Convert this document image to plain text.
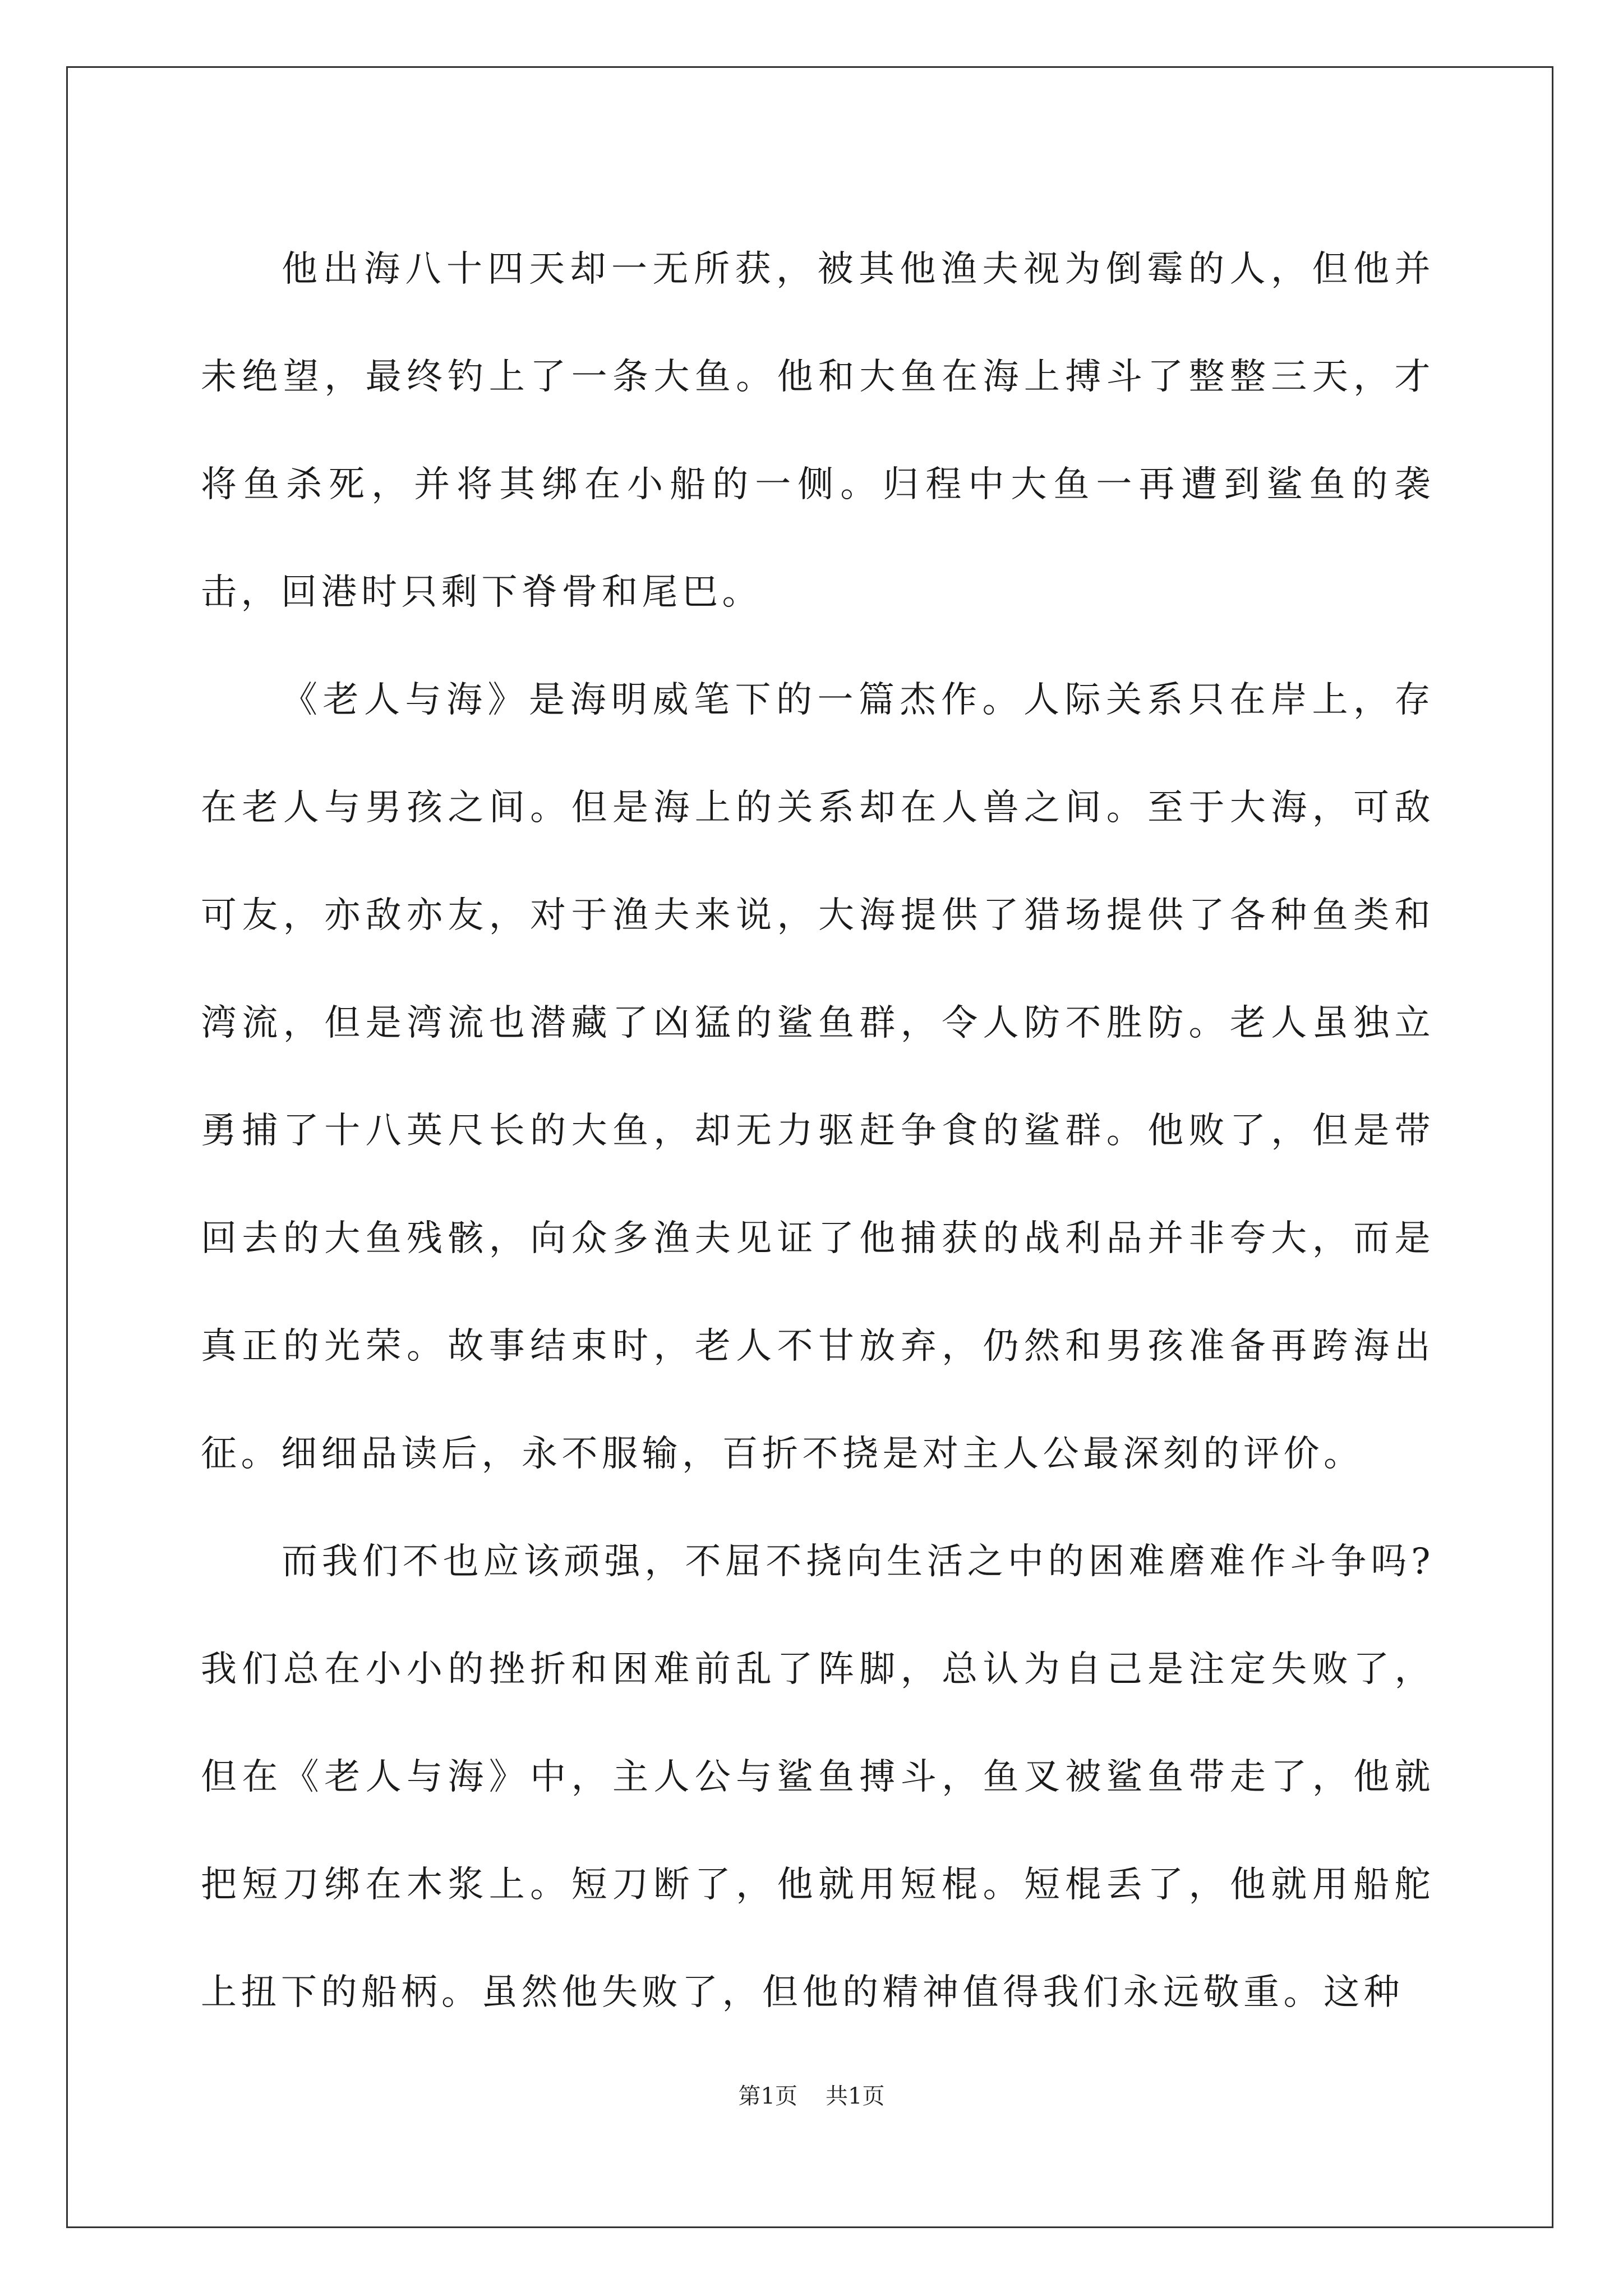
他出海八十四天却一无所获，被其他渔夫视为倒霉的人，但他并未绝望，最终钓上了一条大鱼。他和大鱼在海上搏斗了整整三天，才将鱼杀死，并将其绑在小船的一侧。归程中大鱼一再遭到鲨鱼的袭击，回港时只剩下脊骨和尾巴。

《老人与海》是海明威笔下的一篇杰作。人际关系只在岸上，存在老人与男孩之间。但是海上的关系却在人兽之间。至于大海，可敌可友，亦敌亦友，对于渔夫来说，大海提供了猎场提供了各种鱼类和湾流，但是湾流也潜藏了凶猛的鲨鱼群，令人防不胜防。老人虽独立勇捕了十八英尺长的大鱼，却无力驱赶争食的鲨群。他败了，但是带回去的大鱼残骸，向众多渔夫见证了他捕获的战利品并非夸大，而是真正的光荣。故事结束时，老人不甘放弃，仍然和男孩准备再跨海出征。细细品读后，永不服输，百折不挠是对主人公最深刻的评价。

而我们不也应该顽强，不屈不挠向生活之中的困难磨难作斗争吗?我们总在小小的挫折和困难前乱了阵脚，总认为自己是注定失败了，但在《老人与海》中，主人公与鲨鱼搏斗，鱼叉被鲨鱼带走了，他就把短刀绑在木浆上。短刀断了，他就用短棍。短棍丢了，他就用船舵上扭下的船柄。虽然他失败了，但他的精神值得我们永远敬重。这种

第1页 共1页
